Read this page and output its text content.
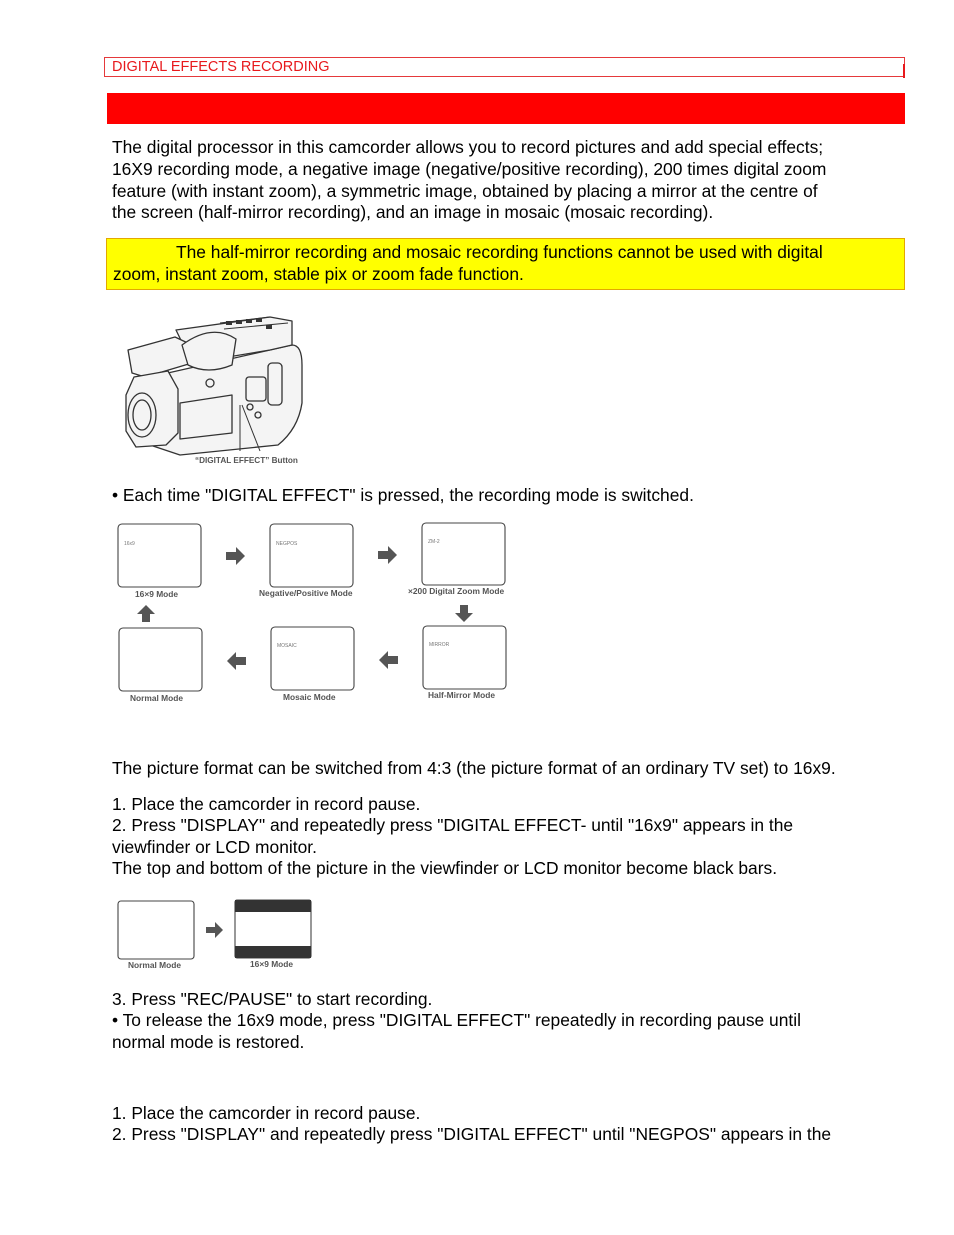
DIGITAL EFFECTS RECORDING
The digital processor in this camcorder allows you to record pictures and add special effects;
16X9 recording mode, a negative image (negative/positive recording), 200 times digital zoom
feature (with instant zoom), a symmetric image, obtained by placing a mirror at the centre of
the screen (half-mirror recording), and an image in mosaic (mosaic recording).
The half-mirror recording and mosaic recording functions cannot be used with digital
zoom, instant zoom, stable pix or zoom fade function.
“DIGITAL EFFECT” Button
• Each time "DIGITAL EFFECT" is pressed, the recording mode is switched.
16x9
16×9 Mode
NEGPOS
Negative/Positive Mode
ZM-2
×200 Digital Zoom Mode
Normal Mode
MOSAIC
Mosaic Mode
MIRROR
Half-Mirror Mode
The picture format can be switched from 4:3 (the picture format of an ordinary TV set) to 16x9.
1. Place the camcorder in record pause.
2. Press "DISPLAY" and repeatedly press "DIGITAL EFFECT- until "16x9" appears in the
viewfinder or LCD monitor.
The top and bottom of the picture in the viewfinder or LCD monitor become black bars.
Normal Mode	16×9 Mode
3. Press "REC/PAUSE" to start recording.
• To release the 16x9 mode, press "DIGITAL EFFECT" repeatedly in recording pause until
normal mode is restored.
1. Place the camcorder in record pause.
2. Press "DISPLAY" and repeatedly press "DIGITAL EFFECT" until "NEGPOS" appears in the
